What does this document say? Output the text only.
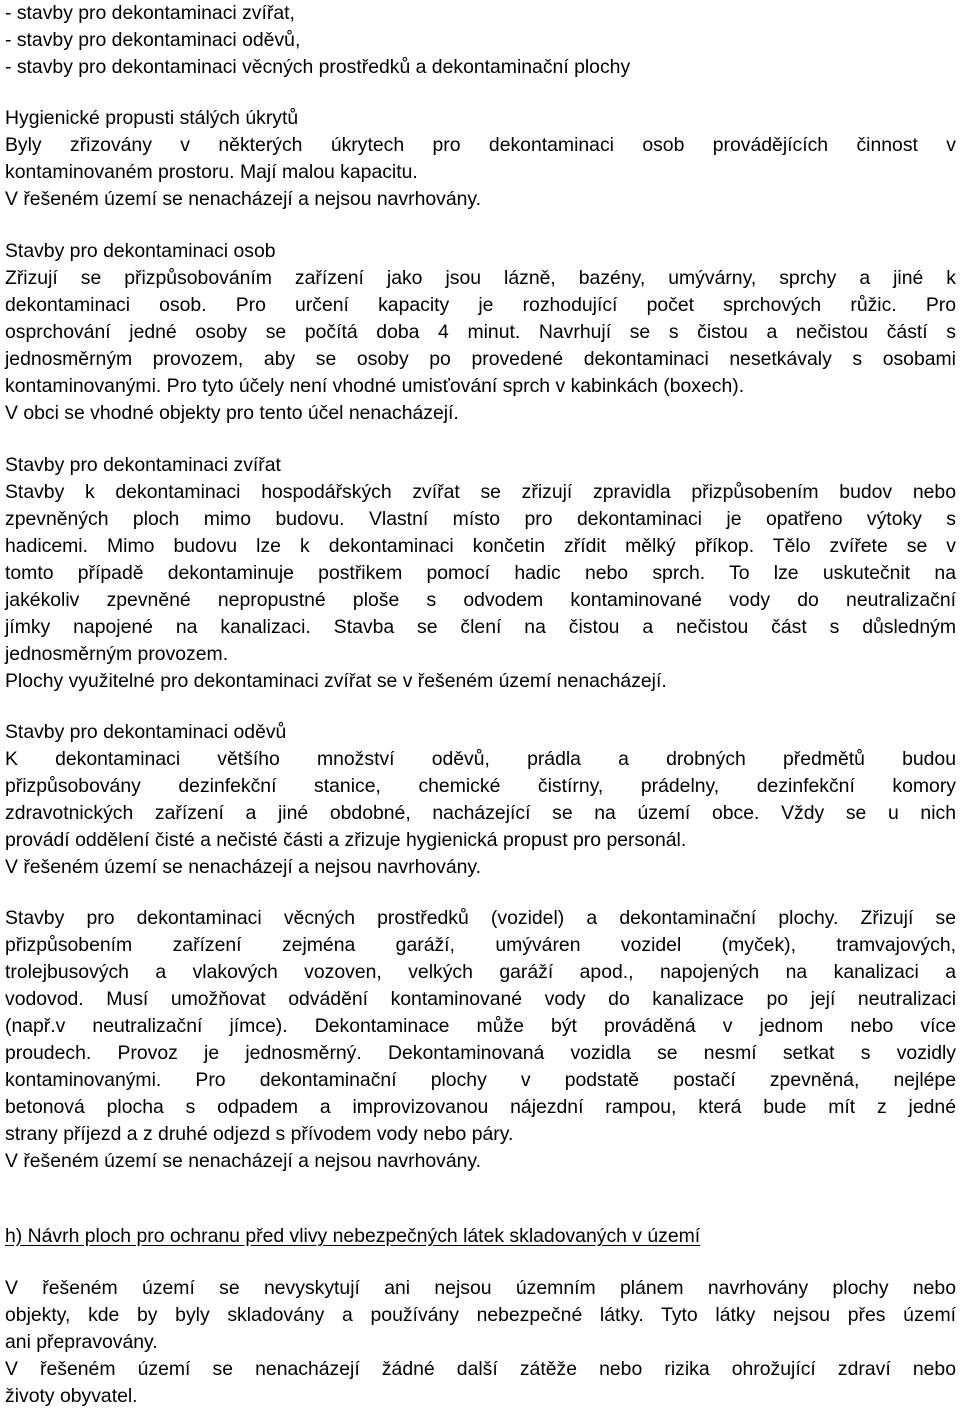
- stavby pro dekontaminaci zvířat,
- stavby pro dekontaminaci oděvů,
- stavby pro dekontaminaci věcných prostředků a dekontaminační plochy
Hygienické propusti stálých úkrytů
Byly zřizovány v některých úkrytech pro dekontaminaci osob provádějících činnost v
kontaminovaném prostoru. Mají malou kapacitu.
V řešeném území se nenacházejí a nejsou navrhovány.
Stavby pro dekontaminaci osob
Zřizují se přizpůsobováním zařízení jako jsou lázně, bazény, umývárny, sprchy a jiné k
dekontaminaci osob. Pro určení kapacity je rozhodující počet sprchových růžic. Pro
osprchování jedné osoby se počítá doba 4 minut. Navrhují se s čistou a nečistou částí s
jednosměrným provozem, aby se osoby po provedené dekontaminaci nesetkávaly s osobami
kontaminovanými. Pro tyto účely není vhodné umisťování sprch v kabinkách (boxech).
V obci se vhodné objekty pro tento účel nenacházejí.
Stavby pro dekontaminaci zvířat
Stavby k dekontaminaci hospodářských zvířat se zřizují zpravidla přizpůsobením budov nebo
zpevněných ploch mimo budovu. Vlastní místo pro dekontaminaci je opatřeno výtoky s
hadicemi. Mimo budovu lze k dekontaminaci končetin zřídit mělký příkop. Tělo zvířete se v
tomto případě dekontaminuje postřikem pomocí hadic nebo sprch. To lze uskutečnit na
jakékoliv zpevněné nepropustné ploše s odvodem kontaminované vody do neutralizační
jímky napojené na kanalizaci. Stavba se člení na čistou a nečistou část s důsledným
jednosměrným provozem.
Plochy využitelné pro dekontaminaci zvířat se v řešeném území nenacházejí.
Stavby pro dekontaminaci oděvů
K dekontaminaci většího množství oděvů, prádla a drobných předmětů budou
přizpůsobovány dezinfekční stanice, chemické čistírny, prádelny, dezinfekční komory
zdravotnických zařízení a jiné obdobné, nacházející se na území obce. Vždy se u nich
provádí oddělení čisté a nečisté části a zřizuje hygienická propust pro personál.
V řešeném území se nenacházejí a nejsou navrhovány.
Stavby pro dekontaminaci věcných prostředků (vozidel) a dekontaminační plochy. Zřizují se
přizpůsobením zařízení zejména garáží, umýváren vozidel (myček), tramvajových,
trolejbusových a vlakových vozoven, velkých garáží apod., napojených na kanalizaci a
vodovod. Musí umožňovat odvádění kontaminované vody do kanalizace po její neutralizaci
(např.v neutralizační jímce). Dekontaminace může být prováděná v jednom nebo více
proudech. Provoz je jednosměrný. Dekontaminovaná vozidla se nesmí setkat s vozidly
kontaminovanými. Pro dekontaminační plochy v podstatě postačí zpevněná, nejlépe
betonová plocha s odpadem a improvizovanou nájezdní rampou, která bude mít z jedné
strany příjezd a z druhé odjezd s přívodem vody nebo páry.
V řešeném území se nenacházejí a nejsou navrhovány.
h) Návrh ploch pro ochranu před vlivy nebezpečných látek skladovaných v území
V řešeném území se nevyskytují ani nejsou územním plánem navrhovány plochy nebo
objekty, kde by byly skladovány a používány nebezpečné látky. Tyto látky nejsou přes území
ani přepravovány.
V řešeném území se nenacházejí žádné další zátěže nebo rizika ohrožující zdraví nebo
životy obyvatel.
